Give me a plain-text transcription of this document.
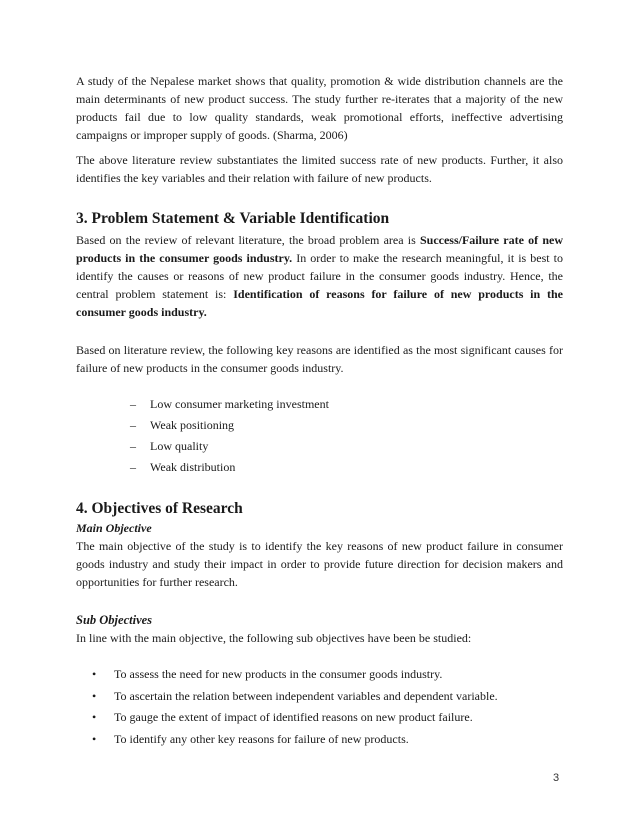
A study of the Nepalese market shows that quality, promotion & wide distribution channels are the main determinants of new product success. The study further re-iterates that a majority of the new products fail due to low quality standards, weak promotional efforts, ineffective advertising campaigns or improper supply of goods. (Sharma, 2006)

The above literature review substantiates the limited success rate of new products. Further, it also identifies the key variables and their relation with failure of new products.

3. Problem Statement & Variable Identification

Based on the review of relevant literature, the broad problem area is Success/Failure rate of new products in the consumer goods industry. In order to make the research meaningful, it is best to identify the causes or reasons of new product failure in the consumer goods industry. Hence, the central problem statement is: Identification of reasons for failure of new products in the consumer goods industry.

Based on literature review, the following key reasons are identified as the most significant causes for failure of new products in the consumer goods industry.

– Low consumer marketing investment
– Weak positioning
– Low quality
– Weak distribution
4. Objectives of Research
Main Objective

The main objective of the study is to identify the key reasons of new product failure in consumer goods industry and study their impact in order to provide future direction for decision makers and opportunities for further research.

Sub Objectives

In line with the main objective, the following sub objectives have been be studied:

• To assess the need for new products in the consumer goods industry.
• To ascertain the relation between independent variables and dependent variable.
• To gauge the extent of impact of identified reasons on new product failure.
• To identify any other key reasons for failure of new products.
3
